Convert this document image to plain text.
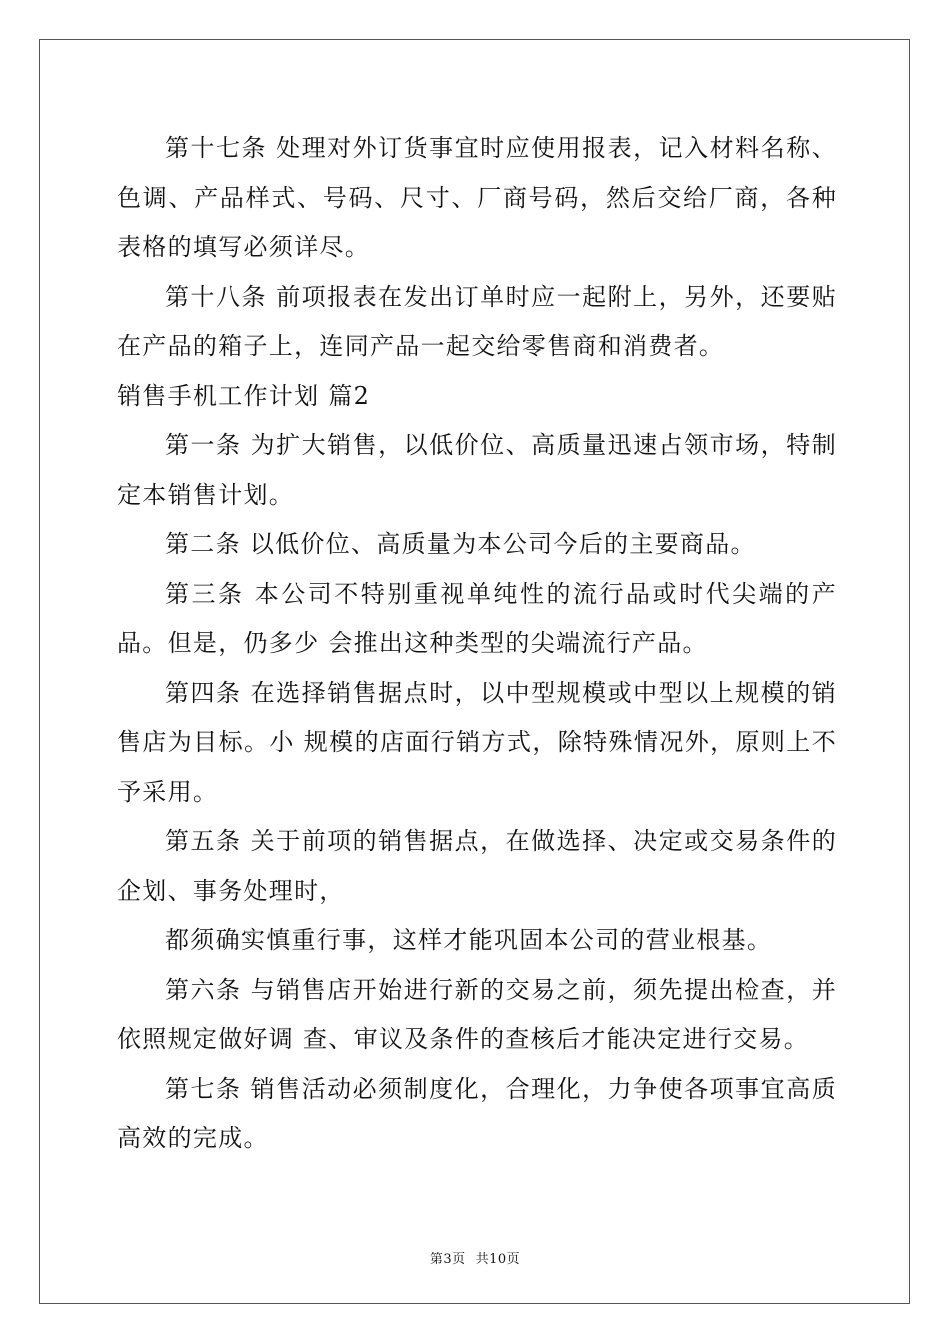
第十七条 处理对外订货事宜时应使用报表，记入材料名称、色调、产品样式、号码、尺寸、厂商号码，然后交给厂商，各种表格的填写必须详尽。

第十八条 前项报表在发出订单时应一起附上，另外，还要贴在产品的箱子上，连同产品一起交给零售商和消费者。

销售手机工作计划 篇2

第一条 为扩大销售，以低价位、高质量迅速占领市场，特制定本销售计划。

第二条 以低价位、高质量为本公司今后的主要商品。

第三条 本公司不特别重视单纯性的流行品或时代尖端的产品。但是，仍多少 会推出这种类型的尖端流行产品。

第四条 在选择销售据点时，以中型规模或中型以上规模的销售店为目标。小 规模的店面行销方式，除特殊情况外，原则上不予采用。

第五条 关于前项的销售据点，在做选择、决定或交易条件的企划、事务处理时，

都须确实慎重行事，这样才能巩固本公司的营业根基。

第六条 与销售店开始进行新的交易之前，须先提出检查，并依照规定做好调 查、审议及条件的查核后才能决定进行交易。

第七条 销售活动必须制度化，合理化，力争使各项事宜高质高效的完成。

第3页 共10页
